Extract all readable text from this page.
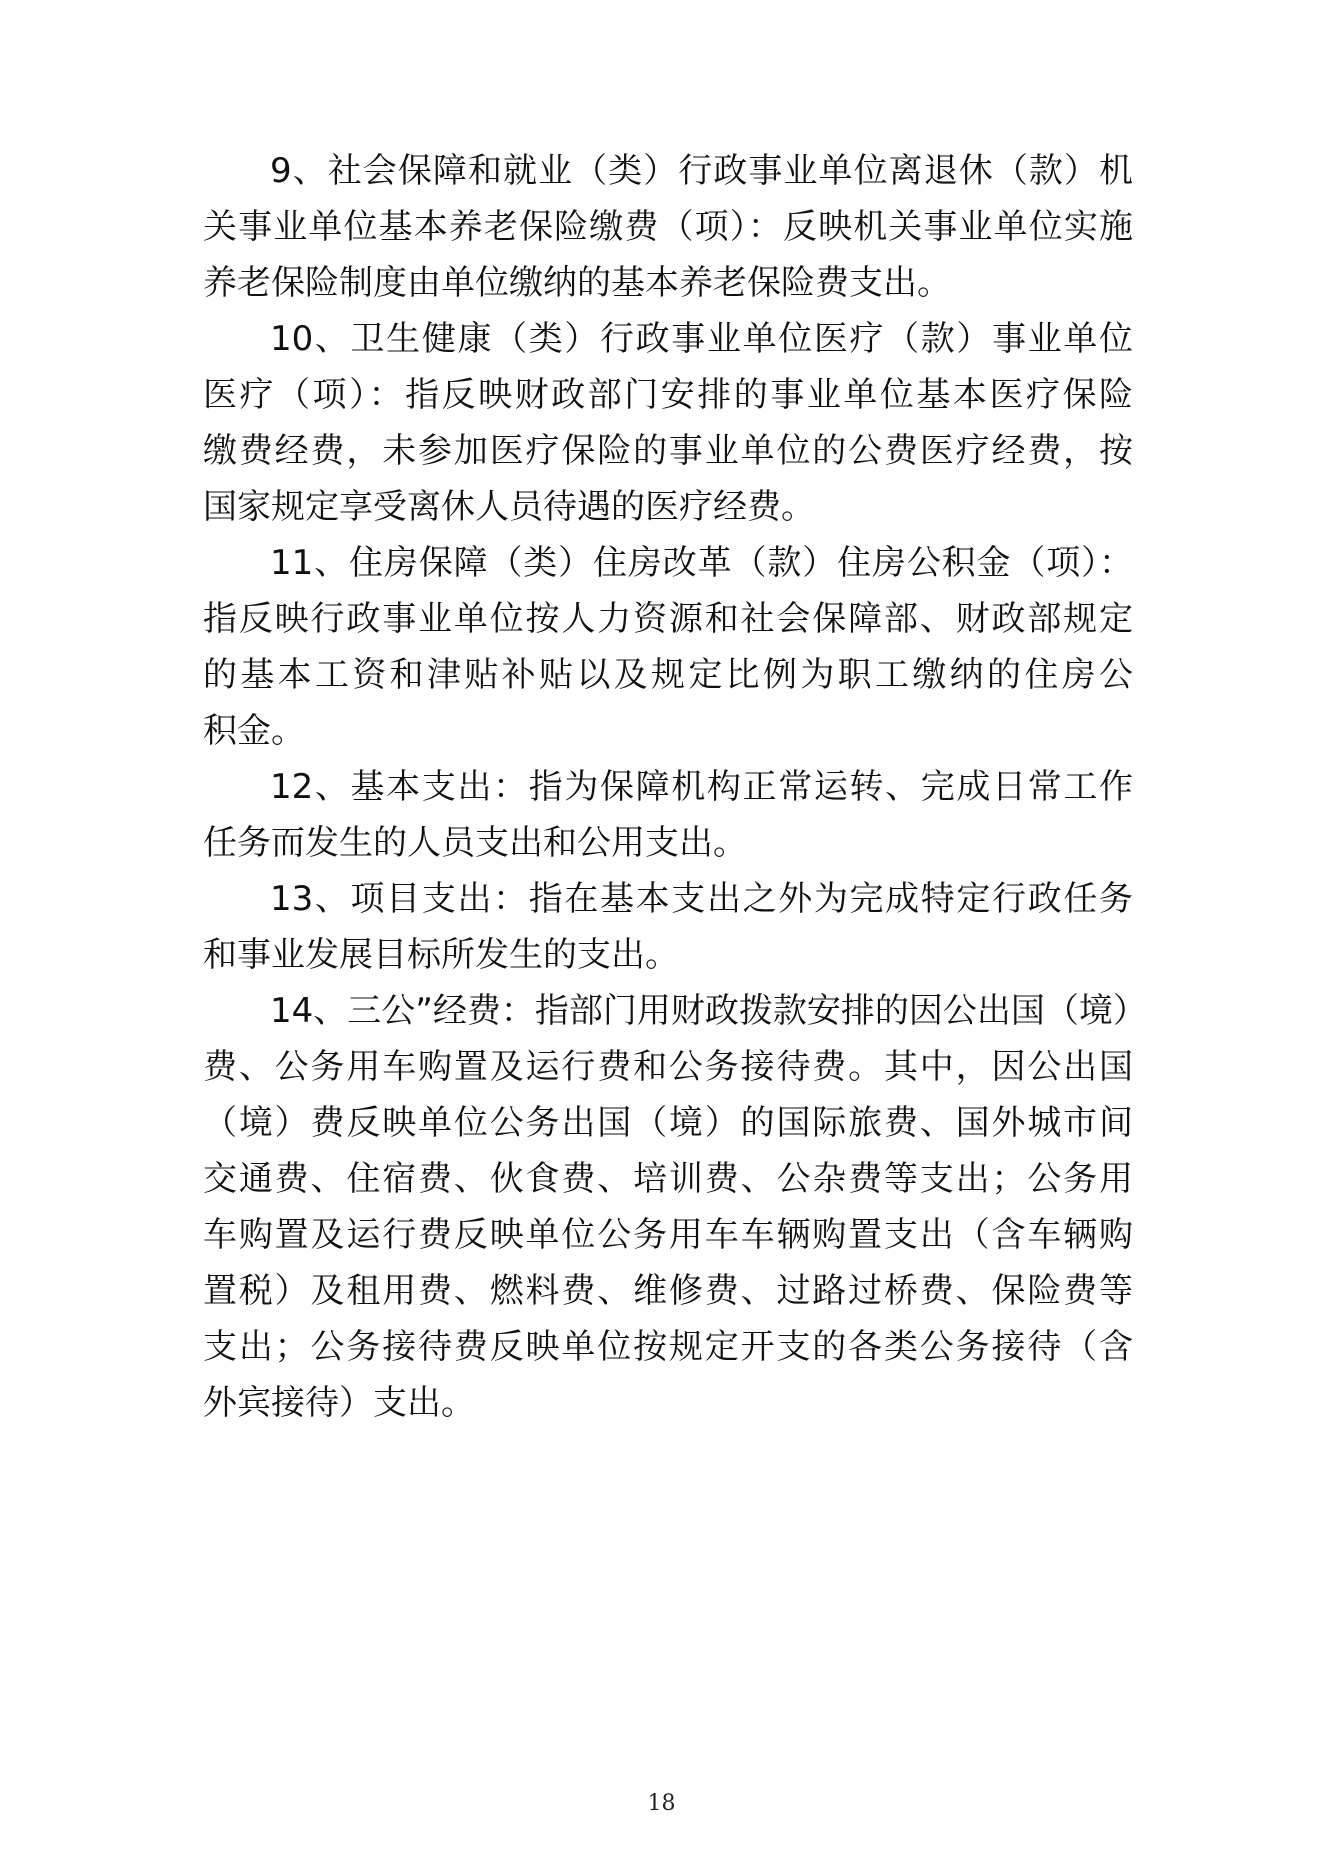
9、社会保障和就业（类）行政事业单位离退休（款）机
关事业单位基本养老保险缴费（项）：反映机关事业单位实施
养老保险制度由单位缴纳的基本养老保险费支出。
10、卫生健康（类）行政事业单位医疗（款）事业单位
医疗（项）：指反映财政部门安排的事业单位基本医疗保险
缴费经费，未参加医疗保险的事业单位的公费医疗经费，按
国家规定享受离休人员待遇的医疗经费。
11、住房保障（类）住房改革（款）住房公积金（项）：
指反映行政事业单位按人力资源和社会保障部、财政部规定
的基本工资和津贴补贴以及规定比例为职工缴纳的住房公
积金。
12、基本支出：指为保障机构正常运转、完成日常工作
任务而发生的人员支出和公用支出。
13、项目支出：指在基本支出之外为完成特定行政任务
和事业发展目标所发生的支出。
14、三公”经费：指部门用财政拨款安排的因公出国（境）
费、公务用车购置及运行费和公务接待费。其中，因公出国
（境）费反映单位公务出国（境）的国际旅费、国外城市间
交通费、住宿费、伙食费、培训费、公杂费等支出；公务用
车购置及运行费反映单位公务用车车辆购置支出（含车辆购
置税）及租用费、燃料费、维修费、过路过桥费、保险费等
支出；公务接待费反映单位按规定开支的各类公务接待（含
外宾接待）支出。
18
